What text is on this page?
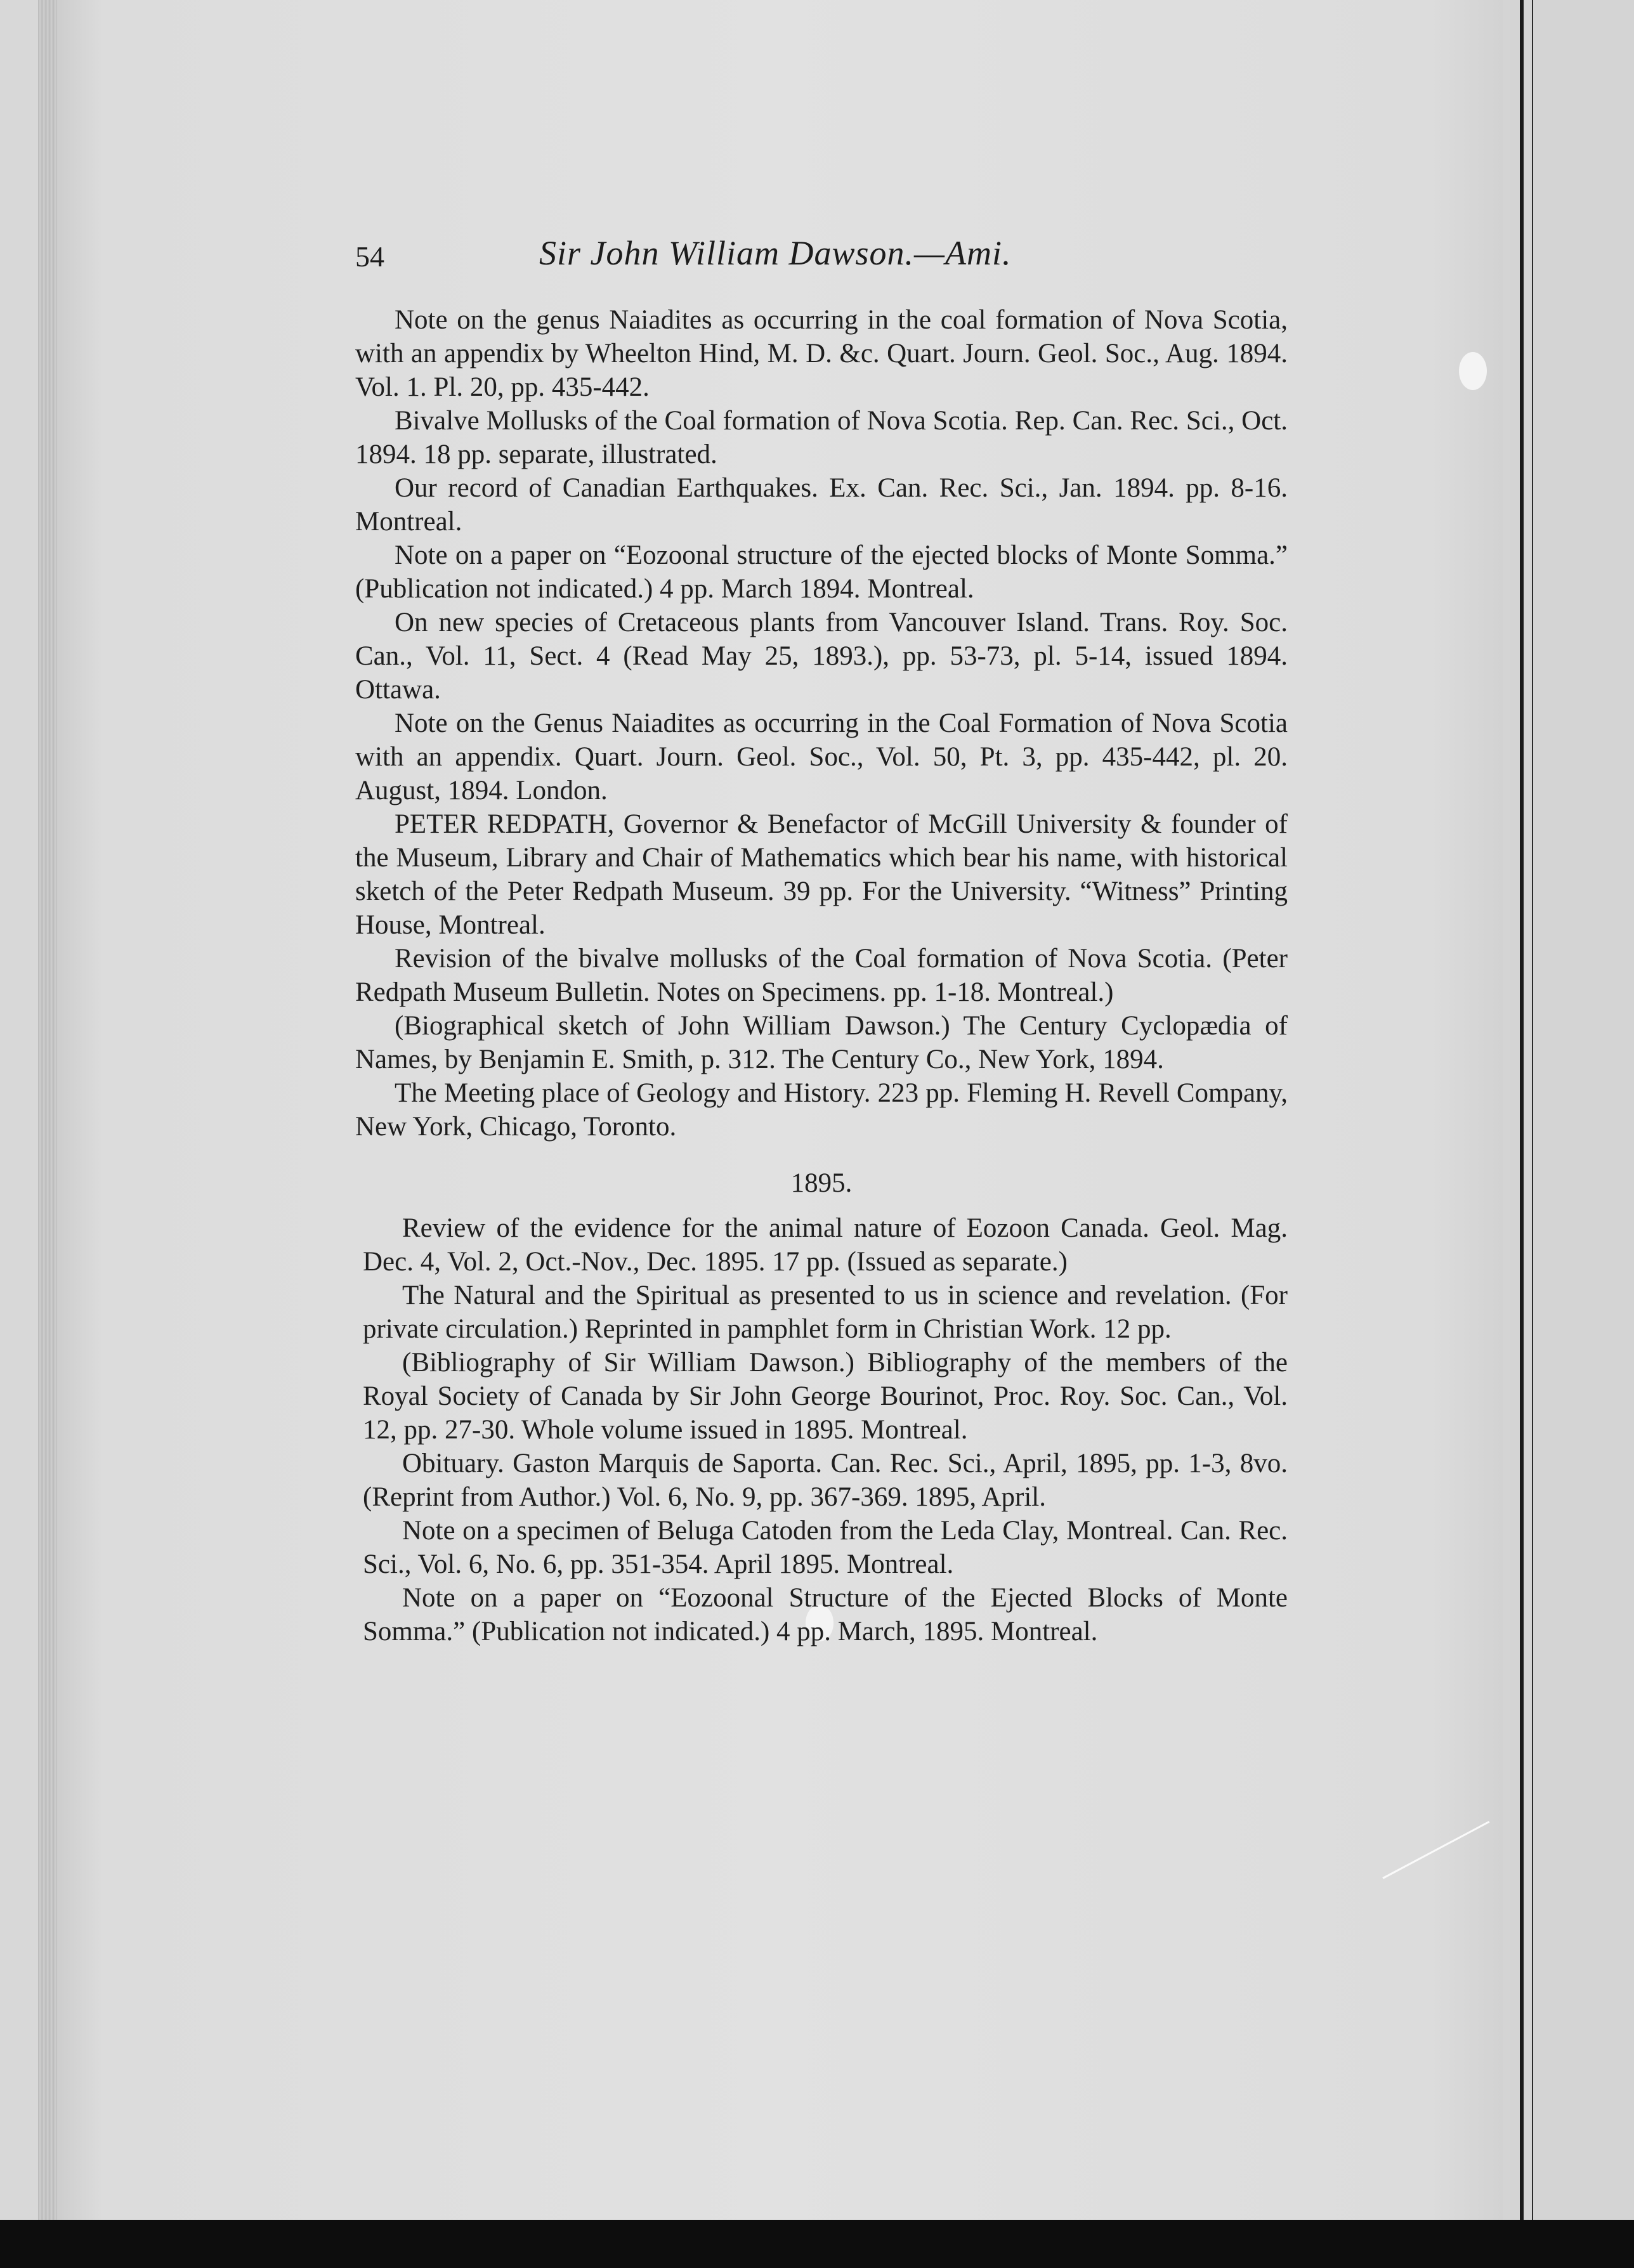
54	Sir John William Dawson.—Ami.

Note on the genus Naiadites as occurring in the coal formation of Nova Scotia, with an appendix by Wheelton Hind, M. D. &c. Quart. Journ. Geol. Soc., Aug. 1894. Vol. 1. Pl. 20, pp. 435-442.

Bivalve Mollusks of the Coal formation of Nova Scotia. Rep. Can. Rec. Sci., Oct. 1894. 18 pp. separate, illustrated.

Our record of Canadian Earthquakes. Ex. Can. Rec. Sci., Jan. 1894. pp. 8-16. Montreal.

Note on a paper on “Eozoonal structure of the ejected blocks of Monte Somma.” (Publication not indicated.) 4 pp. March 1894. Montreal.

On new species of Cretaceous plants from Vancouver Island. Trans. Roy. Soc. Can., Vol. 11, Sect. 4 (Read May 25, 1893.), pp. 53-73, pl. 5-14, issued 1894. Ottawa.

Note on the Genus Naiadites as occurring in the Coal Formation of Nova Scotia with an appendix. Quart. Journ. Geol. Soc., Vol. 50, Pt. 3, pp. 435-442, pl. 20. August, 1894. London.

PETER REDPATH, Governor & Benefactor of McGill University & founder of the Museum, Library and Chair of Mathematics which bear his name, with historical sketch of the Peter Redpath Museum. 39 pp. For the University. “Witness” Printing House, Montreal.

Revision of the bivalve mollusks of the Coal formation of Nova Scotia. (Peter Redpath Museum Bulletin. Notes on Specimens. pp. 1-18. Montreal.)

(Biographical sketch of John William Dawson.) The Century Cyclopædia of Names, by Benjamin E. Smith, p. 312. The Century Co., New York, 1894.

The Meeting place of Geology and History. 223 pp. Fleming H. Revell Company, New York, Chicago, Toronto.

1895.

Review of the evidence for the animal nature of Eozoon Canada. Geol. Mag. Dec. 4, Vol. 2, Oct.-Nov., Dec. 1895. 17 pp. (Issued as separate.)

The Natural and the Spiritual as presented to us in science and revelation. (For private circulation.) Reprinted in pamphlet form in Christian Work. 12 pp.

(Bibliography of Sir William Dawson.) Bibliography of the members of the Royal Society of Canada by Sir John George Bourinot, Proc. Roy. Soc. Can., Vol. 12, pp. 27-30. Whole volume issued in 1895. Montreal.

Obituary. Gaston Marquis de Saporta. Can. Rec. Sci., April, 1895, pp. 1-3, 8vo. (Reprint from Author.) Vol. 6, No. 9, pp. 367-369. 1895, April.

Note on a specimen of Beluga Catoden from the Leda Clay, Montreal. Can. Rec. Sci., Vol. 6, No. 6, pp. 351-354. April 1895. Montreal.

Note on a paper on “Eozoonal Structure of the Ejected Blocks of Monte Somma.” (Publication not indicated.) 4 pp. March, 1895. Montreal.
